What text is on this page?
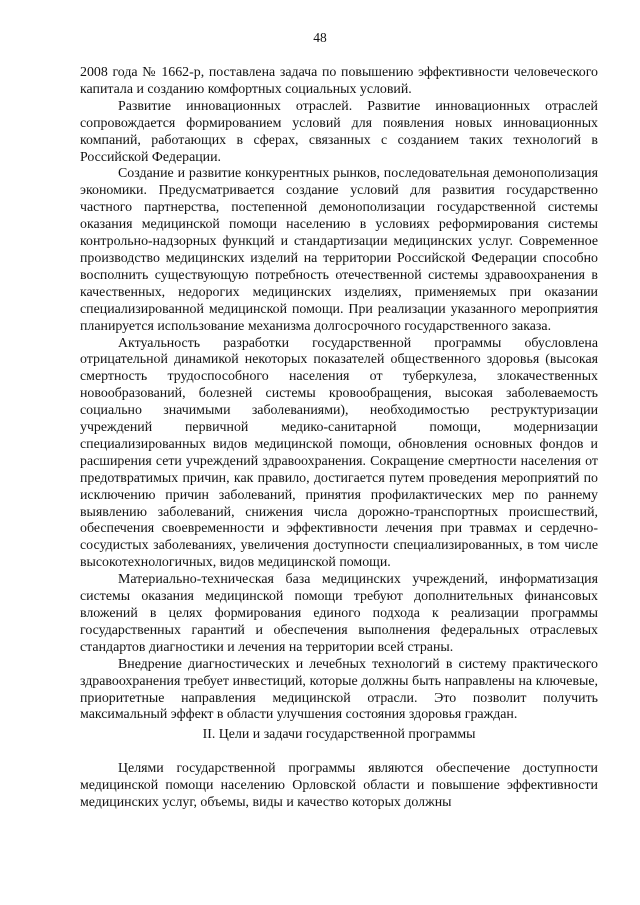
48

2008 года № 1662-р, поставлена задача по повышению эффективности человеческого капитала и созданию комфортных социальных условий.

Развитие инновационных отраслей. Развитие инновационных отраслей сопровождается формированием условий для появления новых инновационных компаний, работающих в сферах, связанных с созданием таких технологий в Российской Федерации.

Создание и развитие конкурентных рынков, последовательная демонополизация экономики. Предусматривается создание условий для развития государственно частного партнерства, постепенной демонополизации государственной системы оказания медицинской помощи населению в условиях реформирования системы контрольно-надзорных функций и стандартизации медицинских услуг. Современное производство медицинских изделий на территории Российской Федерации способно восполнить существующую потребность отечественной системы здравоохранения в качественных, недорогих медицинских изделиях, применяемых при оказании специализированной медицинской помощи. При реализации указанного мероприятия планируется использование механизма долгосрочного государственного заказа.

Актуальность разработки государственной программы обусловлена отрицательной динамикой некоторых показателей общественного здоровья (высокая смертность трудоспособного населения от туберкулеза, злокачественных новообразований, болезней системы кровообращения, высокая заболеваемость социально значимыми заболеваниями), необходимостью реструктуризации учреждений первичной медико-санитарной помощи, модернизации специализированных видов медицинской помощи, обновления основных фондов и расширения сети учреждений здравоохранения. Сокращение смертности населения от предотвратимых причин, как правило, достигается путем проведения мероприятий по исключению причин заболеваний, принятия профилактических мер по раннему выявлению заболеваний, снижения числа дорожно-транспортных происшествий, обеспечения своевременности и эффективности лечения при травмах и сердечно-сосудистых заболеваниях, увеличения доступности специализированных, в том числе высокотехнологичных, видов медицинской помощи.

Материально-техническая база медицинских учреждений, информатизация системы оказания медицинской помощи требуют дополнительных финансовых вложений в целях формирования единого подхода к реализации программы государственных гарантий и обеспечения выполнения федеральных отраслевых стандартов диагностики и лечения на территории всей страны.

Внедрение диагностических и лечебных технологий в систему практического здравоохранения требует инвестиций, которые должны быть направлены на ключевые, приоритетные направления медицинской отрасли. Это позволит получить максимальный эффект в области улучшения состояния здоровья граждан.

II. Цели и задачи государственной программы

Целями государственной программы являются обеспечение доступности медицинской помощи населению Орловской области и повышение эффективности медицинских услуг, объемы, виды и качество которых должны
